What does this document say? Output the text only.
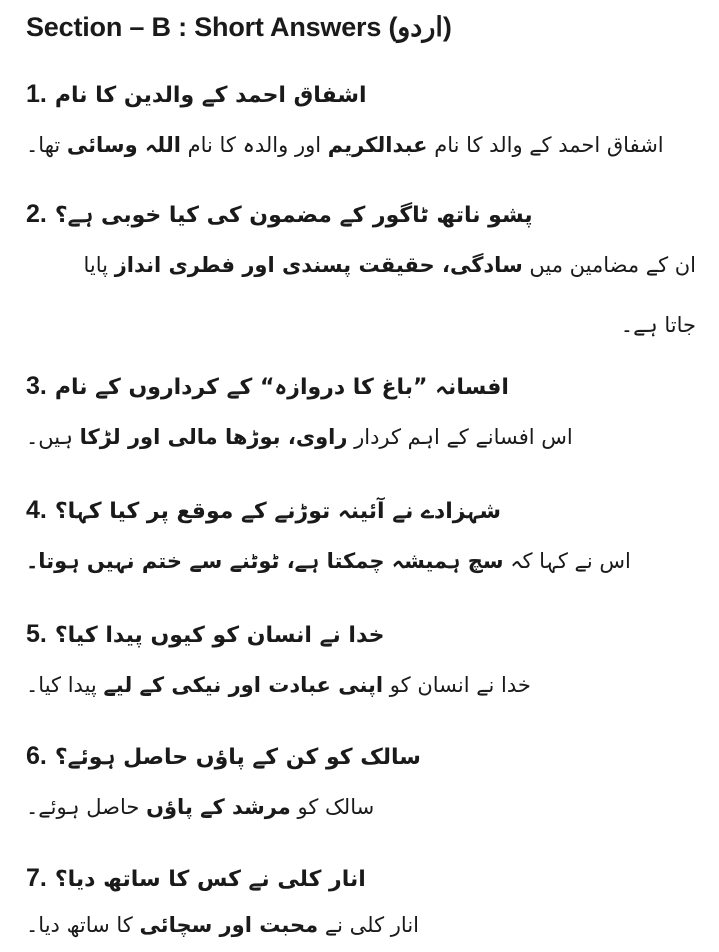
Section – B : Short Answers (اردو)
1. اشفاق احمد کے والدین کا نام
اشفاق احمد کے والد کا نام عبدالکریم اور والدہ کا نام اللہ وسائی تھا۔
2. پشو ناتھ ٹاگور کے مضمون کی کیا خوبی ہے؟
ان کے مضامین میں سادگی، حقیقت پسندی اور فطری انداز پایا جاتا ہے۔
3. افسانہ ”باغ کا دروازہ“ کے کرداروں کے نام
اس افسانے کے اہم کردار راوی، بوڑھا مالی اور لڑکا ہیں۔
4. شہزادے نے آئینہ توڑنے کے موقع پر کیا کہا؟
اس نے کہا کہ سچ ہمیشہ چمکتا ہے، ٹوٹنے سے ختم نہیں ہوتا۔
5. خدا نے انسان کو کیوں پیدا کیا؟
خدا نے انسان کو اپنی عبادت اور نیکی کے لیے پیدا کیا۔
6. سالک کو کن کے پاؤں حاصل ہوئے؟
سالک کو مرشد کے پاؤں حاصل ہوئے۔
7. انار کلی نے کس کا ساتھ دیا؟
انار کلی نے محبت اور سچائی کا ساتھ دیا۔
